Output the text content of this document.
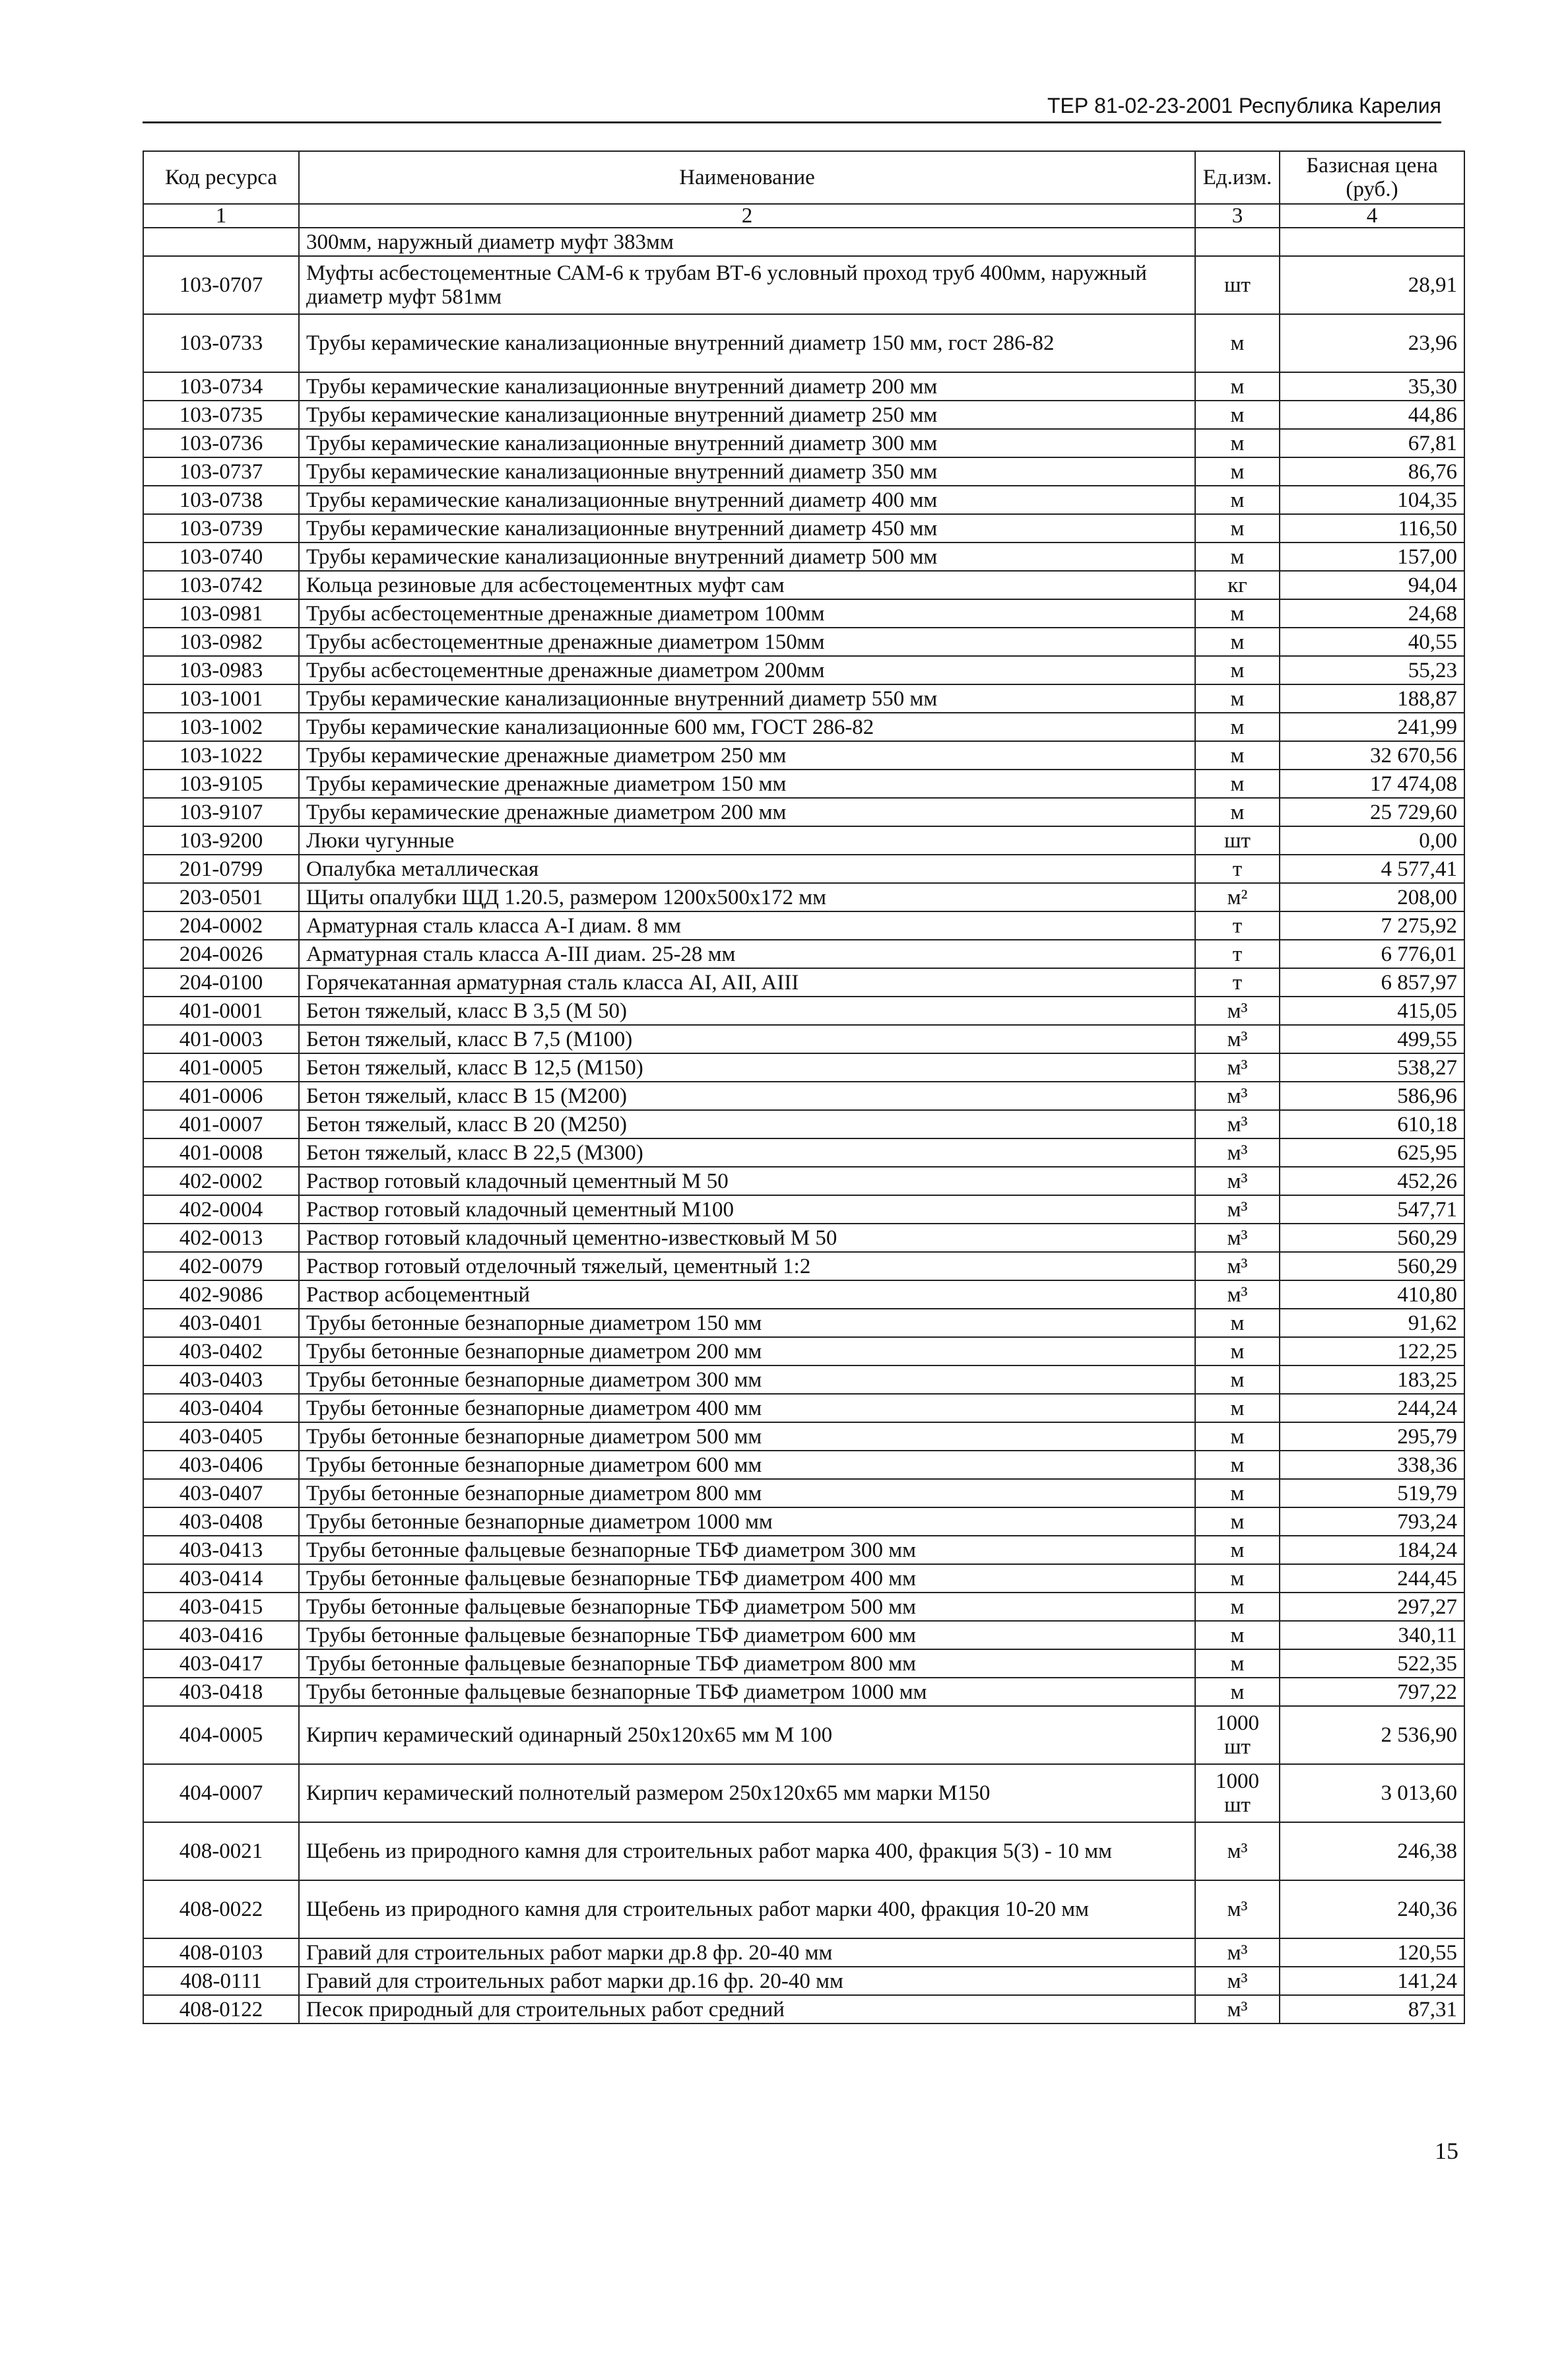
ТЕР 81-02-23-2001 Республика Карелия
Код ресурса	Наименование	Ед.изм.	Базисная цена (руб.)
1	2	3	4
	300мм, наружный диаметр муфт 383мм		
103-0707	Муфты асбестоцементные САМ-6 к трубам ВТ-6 условный проход труб 400мм, наружный диаметр муфт 581мм	шт	28,91
103-0733	Трубы керамические канализационные внутренний диаметр 150 мм, гост 286-82	м	23,96
103-0734	Трубы керамические канализационные внутренний диаметр 200 мм	м	35,30
103-0735	Трубы керамические канализационные внутренний диаметр 250 мм	м	44,86
103-0736	Трубы керамические канализационные внутренний диаметр 300 мм	м	67,81
103-0737	Трубы керамические канализационные внутренний диаметр 350 мм	м	86,76
103-0738	Трубы керамические канализационные внутренний диаметр 400 мм	м	104,35
103-0739	Трубы керамические канализационные внутренний диаметр 450 мм	м	116,50
103-0740	Трубы керамические канализационные внутренний диаметр 500 мм	м	157,00
103-0742	Кольца резиновые для асбестоцементных муфт сам	кг	94,04
103-0981	Трубы асбестоцементные дренажные диаметром 100мм	м	24,68
103-0982	Трубы асбестоцементные дренажные диаметром 150мм	м	40,55
103-0983	Трубы асбестоцементные дренажные диаметром 200мм	м	55,23
103-1001	Трубы керамические канализационные внутренний диаметр 550 мм	м	188,87
103-1002	Трубы керамические канализационные 600 мм, ГОСТ 286-82	м	241,99
103-1022	Трубы керамические дренажные диаметром 250 мм	м	32 670,56
103-9105	Трубы керамические дренажные диаметром 150 мм	м	17 474,08
103-9107	Трубы керамические дренажные диаметром 200 мм	м	25 729,60
103-9200	Люки чугунные	шт	0,00
201-0799	Опалубка металлическая	т	4 577,41
203-0501	Щиты опалубки ЩД 1.20.5, размером 1200x500x172 мм	м²	208,00
204-0002	Арматурная сталь класса А-I диам. 8 мм	т	7 275,92
204-0026	Арматурная сталь класса А-III диам. 25-28 мм	т	6 776,01
204-0100	Горячекатанная арматурная сталь класса AI, AII, AIII	т	6 857,97
401-0001	Бетон тяжелый, класс В 3,5 (М 50)	м³	415,05
401-0003	Бетон тяжелый, класс В 7,5 (М100)	м³	499,55
401-0005	Бетон тяжелый, класс В 12,5 (М150)	м³	538,27
401-0006	Бетон тяжелый, класс В 15 (М200)	м³	586,96
401-0007	Бетон тяжелый, класс В 20 (М250)	м³	610,18
401-0008	Бетон тяжелый, класс В 22,5 (М300)	м³	625,95
402-0002	Раствор готовый кладочный цементный М 50	м³	452,26
402-0004	Раствор готовый кладочный цементный М100	м³	547,71
402-0013	Раствор готовый кладочный цементно-известковый М 50	м³	560,29
402-0079	Раствор готовый отделочный тяжелый, цементный 1:2	м³	560,29
402-9086	Раствор асбоцементный	м³	410,80
403-0401	Трубы бетонные безнапорные диаметром 150 мм	м	91,62
403-0402	Трубы бетонные безнапорные диаметром 200 мм	м	122,25
403-0403	Трубы бетонные безнапорные диаметром 300 мм	м	183,25
403-0404	Трубы бетонные безнапорные диаметром 400 мм	м	244,24
403-0405	Трубы бетонные безнапорные диаметром 500 мм	м	295,79
403-0406	Трубы бетонные безнапорные диаметром 600 мм	м	338,36
403-0407	Трубы бетонные безнапорные диаметром 800 мм	м	519,79
403-0408	Трубы бетонные безнапорные диаметром 1000 мм	м	793,24
403-0413	Трубы бетонные фальцевые безнапорные ТБФ диаметром 300 мм	м	184,24
403-0414	Трубы бетонные фальцевые безнапорные ТБФ диаметром 400 мм	м	244,45
403-0415	Трубы бетонные фальцевые безнапорные ТБФ диаметром 500 мм	м	297,27
403-0416	Трубы бетонные фальцевые безнапорные ТБФ диаметром 600 мм	м	340,11
403-0417	Трубы бетонные фальцевые безнапорные ТБФ диаметром 800 мм	м	522,35
403-0418	Трубы бетонные фальцевые безнапорные ТБФ диаметром 1000 мм	м	797,22
404-0005	Кирпич керамический одинарный 250x120x65 мм М 100	1000 шт	2 536,90
404-0007	Кирпич керамический полнотелый размером 250x120x65 мм марки М150	1000 шт	3 013,60
408-0021	Щебень из природного камня для строительных работ марка 400, фракция 5(3) - 10 мм	м³	246,38
408-0022	Щебень из природного камня для строительных работ марки 400, фракция 10-20 мм	м³	240,36
408-0103	Гравий для строительных работ марки др.8 фр. 20-40 мм	м³	120,55
408-0111	Гравий для строительных работ марки др.16 фр. 20-40 мм	м³	141,24
408-0122	Песок природный для строительных работ средний	м³	87,31
15
